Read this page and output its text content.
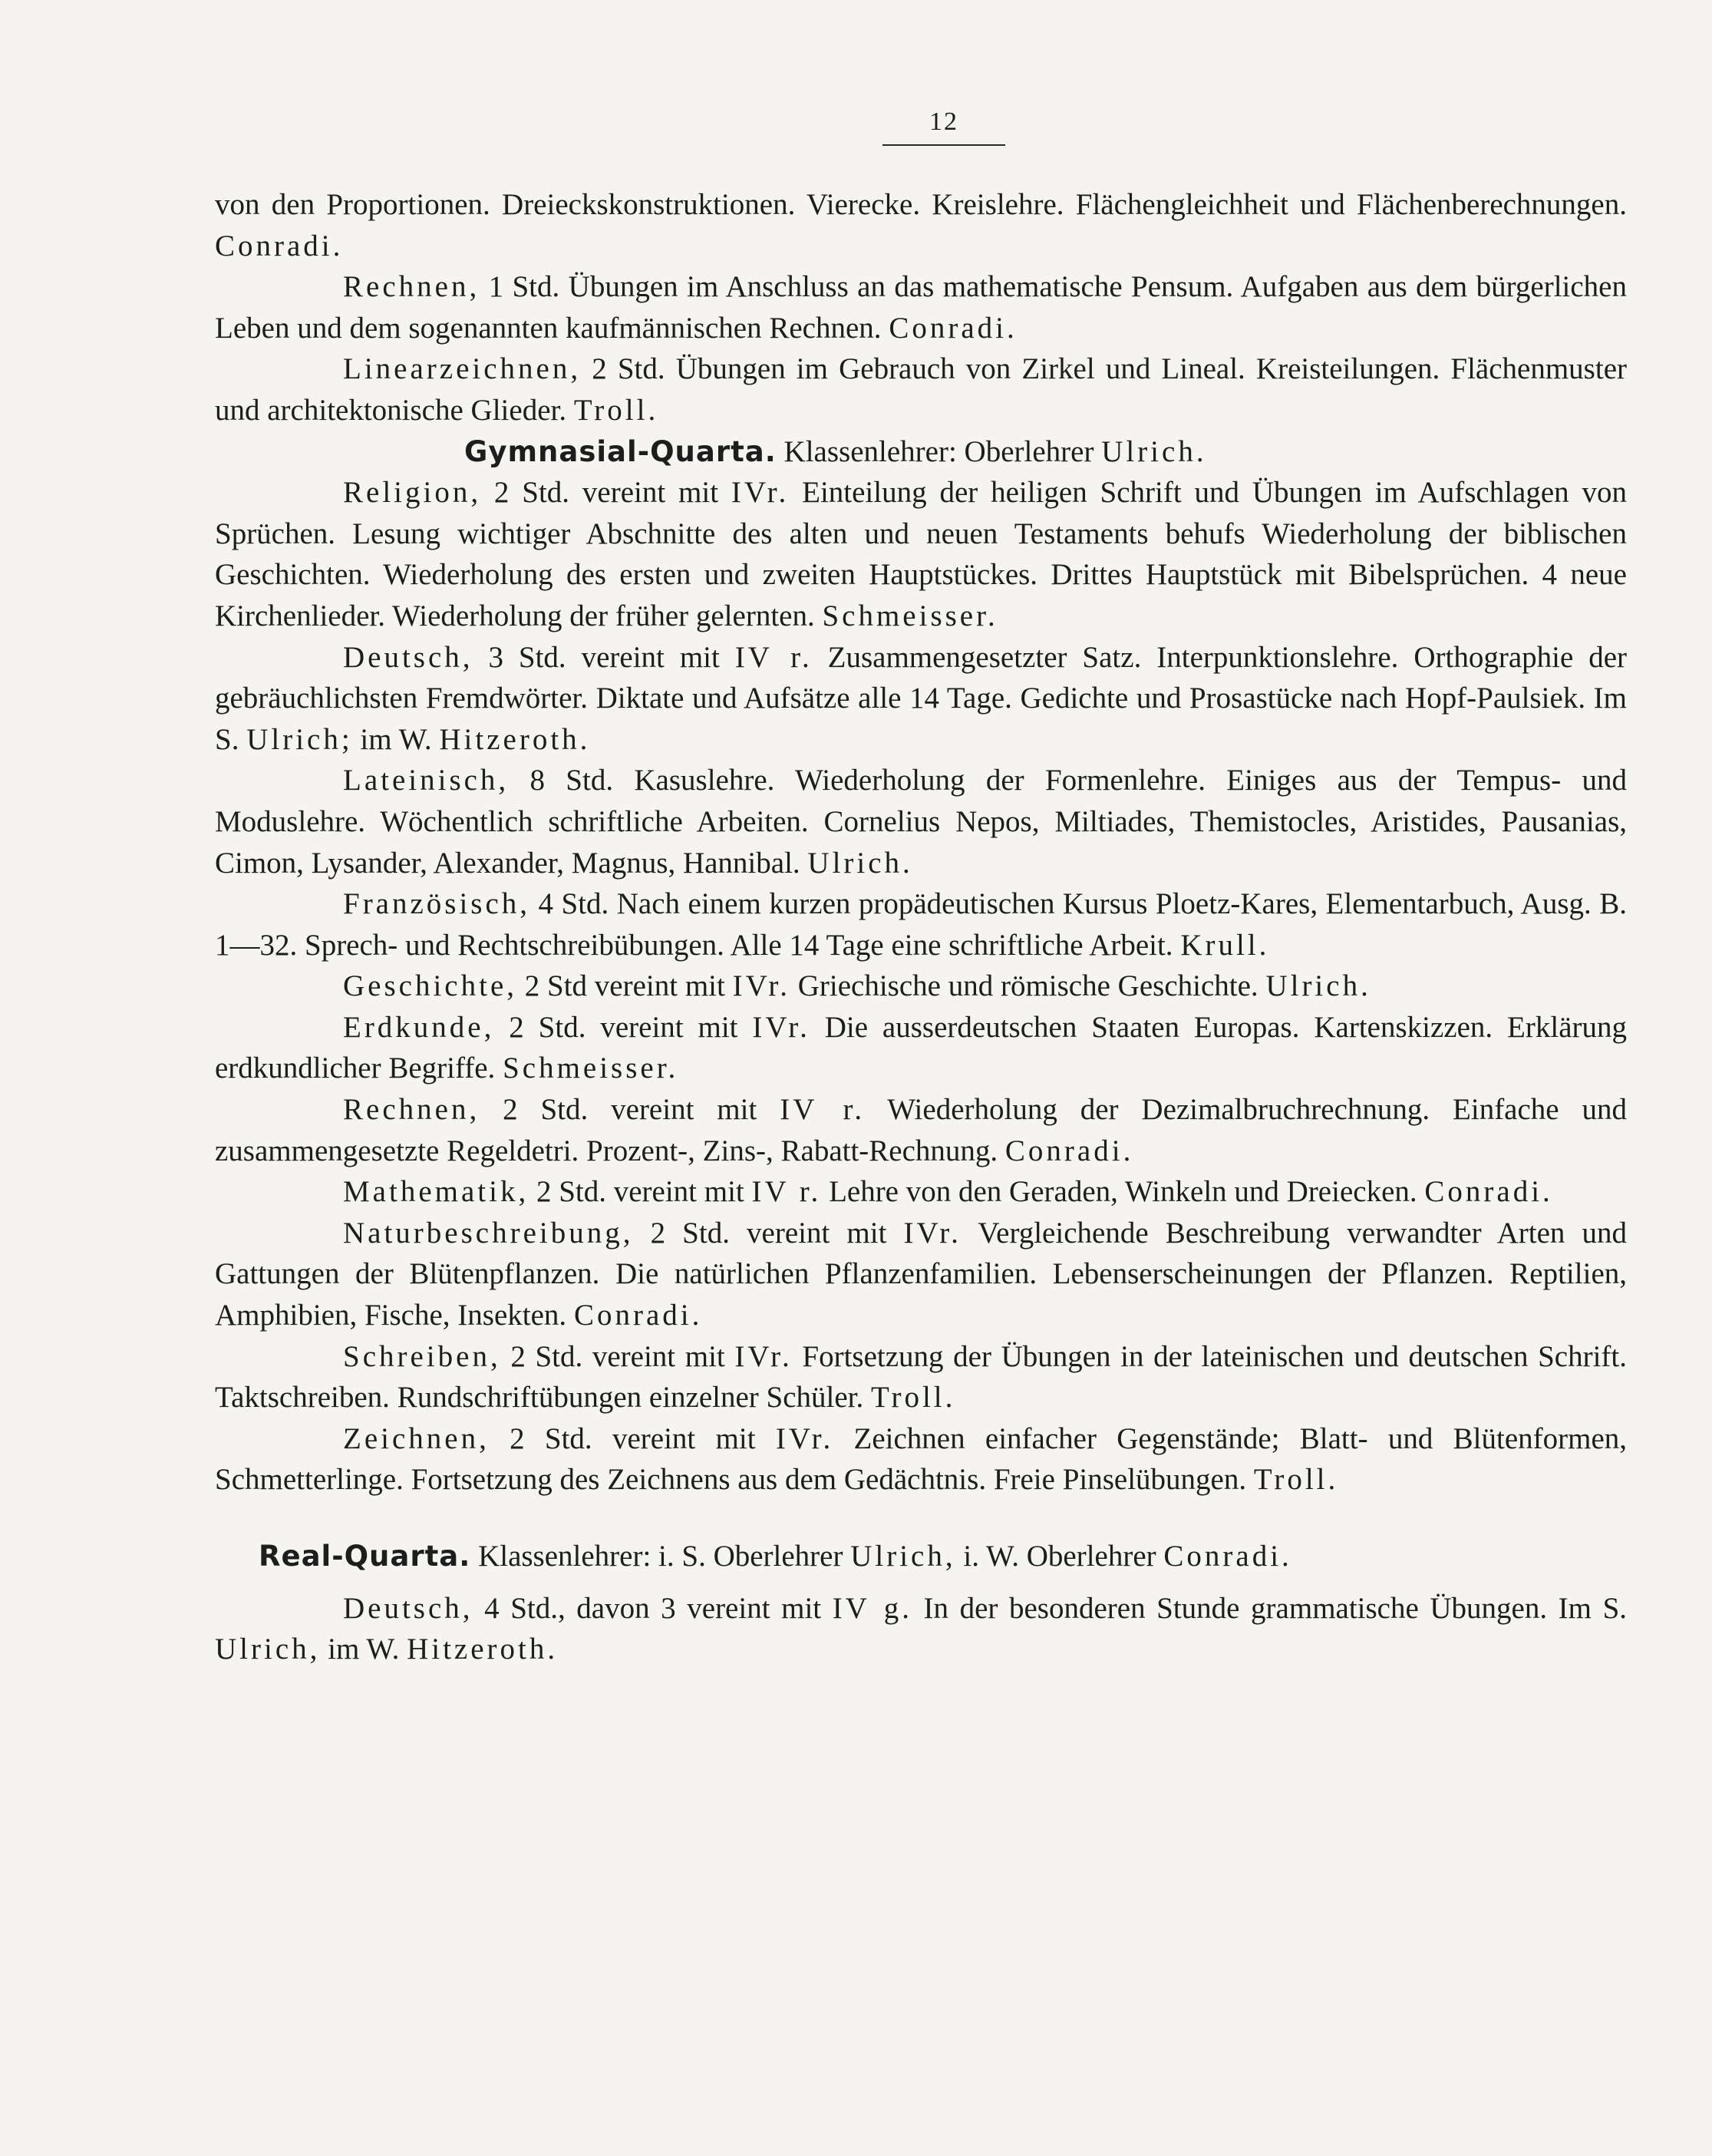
12

von den Proportionen. Dreieckskonstruktionen. Vierecke. Kreislehre. Flächengleichheit und Flächenberechnungen. Conradi.

Rechnen, 1 Std. Übungen im Anschluss an das mathematische Pensum. Aufgaben aus dem bürgerlichen Leben und dem sogenannten kaufmännischen Rechnen. Conradi.

Linearzeichnen, 2 Std. Übungen im Gebrauch von Zirkel und Lineal. Kreisteilungen. Flächenmuster und architektonische Glieder. Troll.

Gymnasial-Quarta. Klassenlehrer: Oberlehrer Ulrich.

Religion, 2 Std. vereint mit IVr. Einteilung der heiligen Schrift und Übungen im Aufschlagen von Sprüchen. Lesung wichtiger Abschnitte des alten und neuen Testaments behufs Wiederholung der biblischen Geschichten. Wiederholung des ersten und zweiten Hauptstückes. Drittes Hauptstück mit Bibelsprüchen. 4 neue Kirchenlieder. Wiederholung der früher gelernten. Schmeisser.

Deutsch, 3 Std. vereint mit IV r. Zusammengesetzter Satz. Interpunktionslehre. Orthographie der gebräuchlichsten Fremdwörter. Diktate und Aufsätze alle 14 Tage. Gedichte und Prosastücke nach Hopf-Paulsiek. Im S. Ulrich; im W. Hitzeroth.

Lateinisch, 8 Std. Kasuslehre. Wiederholung der Formenlehre. Einiges aus der Tempus- und Moduslehre. Wöchentlich schriftliche Arbeiten. Cornelius Nepos, Miltiades, Themistocles, Aristides, Pausanias, Cimon, Lysander, Alexander, Magnus, Hannibal. Ulrich.

Französisch, 4 Std. Nach einem kurzen propädeutischen Kursus Ploetz-Kares, Elementarbuch, Ausg. B. 1—32. Sprech- und Rechtschreibübungen. Alle 14 Tage eine schriftliche Arbeit. Krull.

Geschichte, 2 Std vereint mit IVr. Griechische und römische Geschichte. Ulrich.

Erdkunde, 2 Std. vereint mit IVr. Die ausserdeutschen Staaten Europas. Kartenskizzen. Erklärung erdkundlicher Begriffe. Schmeisser.

Rechnen, 2 Std. vereint mit IV r. Wiederholung der Dezimalbruchrechnung. Einfache und zusammengesetzte Regeldetri. Prozent-, Zins-, Rabatt-Rechnung. Conradi.

Mathematik, 2 Std. vereint mit IV r. Lehre von den Geraden, Winkeln und Dreiecken. Conradi.

Naturbeschreibung, 2 Std. vereint mit IVr. Vergleichende Beschreibung verwandter Arten und Gattungen der Blütenpflanzen. Die natürlichen Pflanzenfamilien. Lebenserscheinungen der Pflanzen. Reptilien, Amphibien, Fische, Insekten. Conradi.

Schreiben, 2 Std. vereint mit IVr. Fortsetzung der Übungen in der lateinischen und deutschen Schrift. Taktschreiben. Rundschriftübungen einzelner Schüler. Troll.

Zeichnen, 2 Std. vereint mit IVr. Zeichnen einfacher Gegenstände; Blatt- und Blütenformen, Schmetterlinge. Fortsetzung des Zeichnens aus dem Gedächtnis. Freie Pinselübungen. Troll.

Real-Quarta. Klassenlehrer: i. S. Oberlehrer Ulrich, i. W. Oberlehrer Conradi.

Deutsch, 4 Std., davon 3 vereint mit IV g. In der besonderen Stunde grammatische Übungen. Im S. Ulrich, im W. Hitzeroth.
